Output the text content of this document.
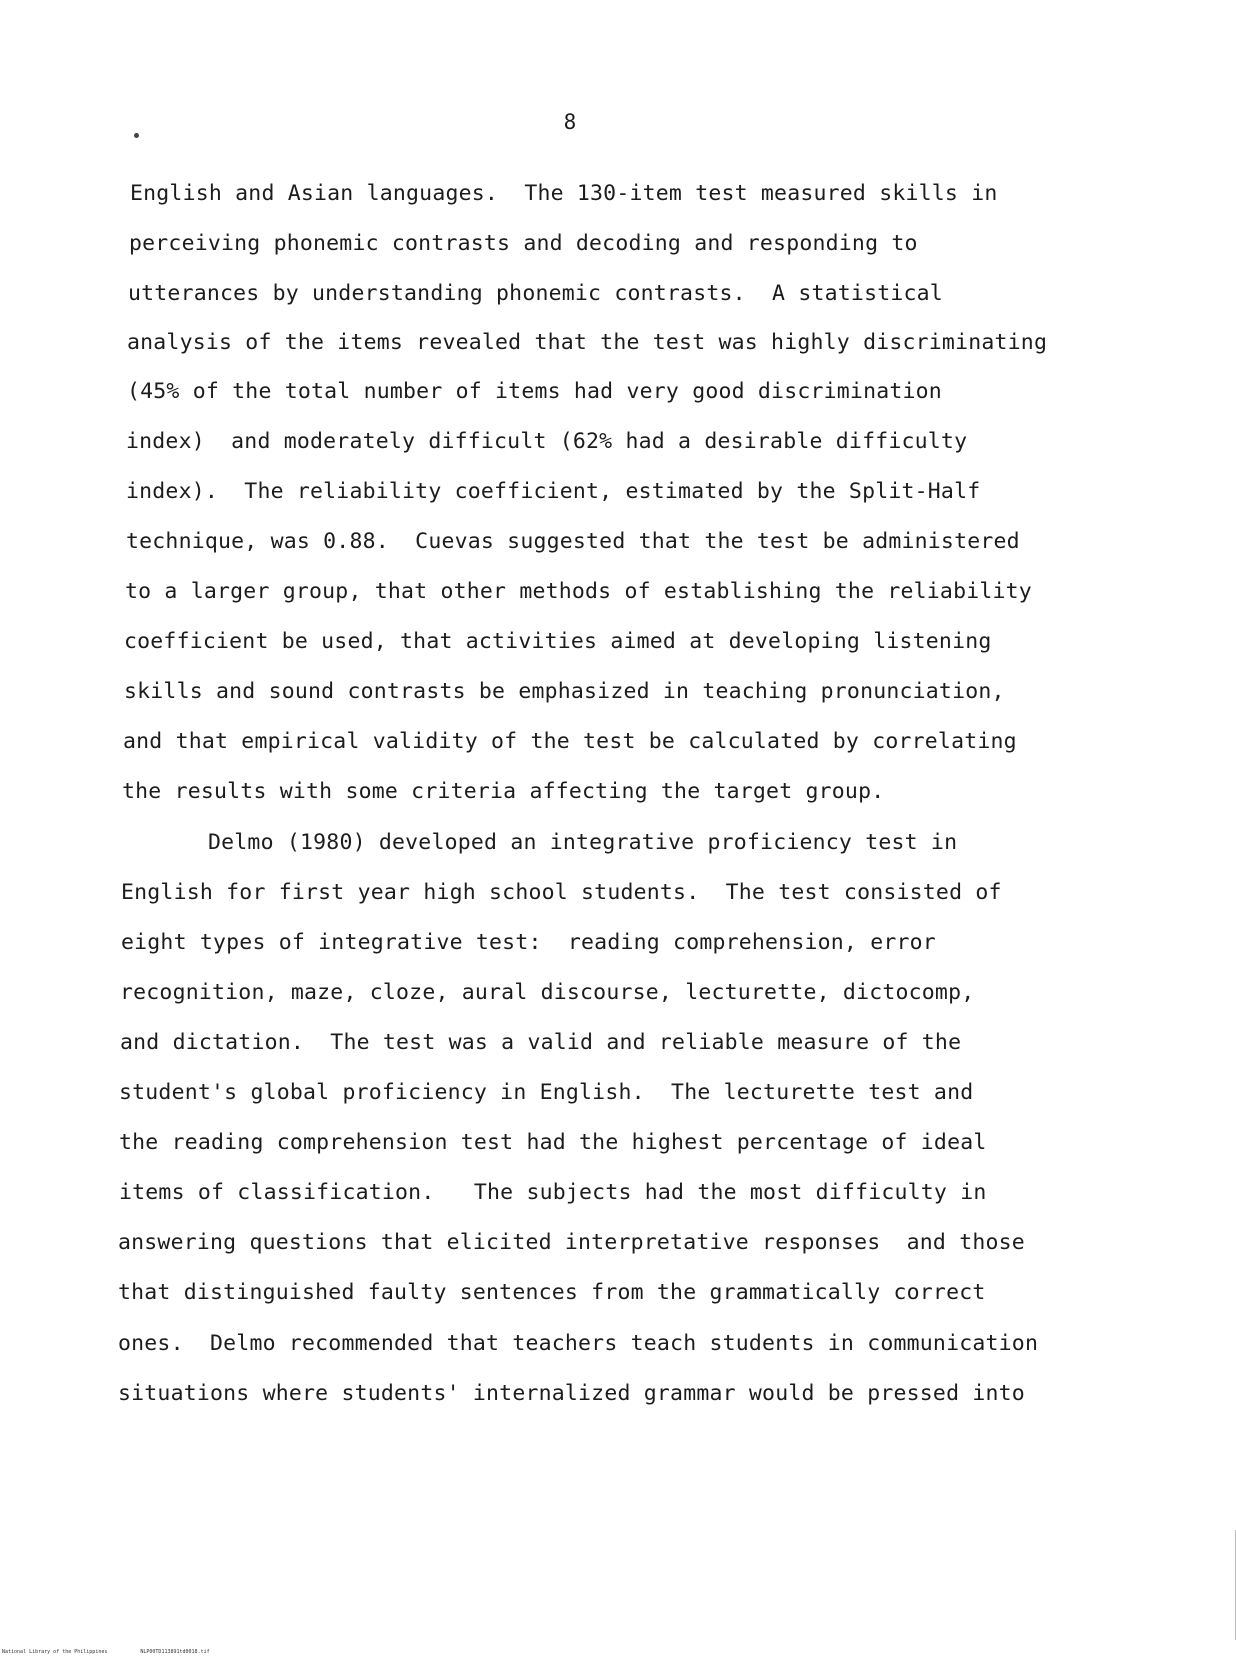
8
English and Asian languages.  The 130-item test measured skills in
perceiving phonemic contrasts and decoding and responding to
utterances by understanding phonemic contrasts.  A statistical
analysis of the items revealed that the test was highly discriminating
(45% of the total number of items had very good discrimination
index)  and moderately difficult (62% had a desirable difficulty
index).  The reliability coefficient, estimated by the Split-Half
technique, was 0.88.  Cuevas suggested that the test be administered
to a larger group, that other methods of establishing the reliability
coefficient be used, that activities aimed at developing listening
skills and sound contrasts be emphasized in teaching pronunciation,
and that empirical validity of the test be calculated by correlating
the results with some criteria affecting the target group.
Delmo (1980) developed an integrative proficiency test in
English for first year high school students.  The test consisted of
eight types of integrative test:  reading comprehension, error
recognition, maze, cloze, aural discourse, lecturette, dictocomp,
and dictation.  The test was a valid and reliable measure of the
student's global proficiency in English.  The lecturette test and
the reading comprehension test had the highest percentage of ideal
items of classification.   The subjects had the most difficulty in
answering questions that elicited interpretative responses  and those
that distinguished faulty sentences from the grammatically correct
ones.  Delmo recommended that teachers teach students in communication
situations where students' internalized grammar would be pressed into
National Library of the Philippines	NLP00TD113891td0018.tif
